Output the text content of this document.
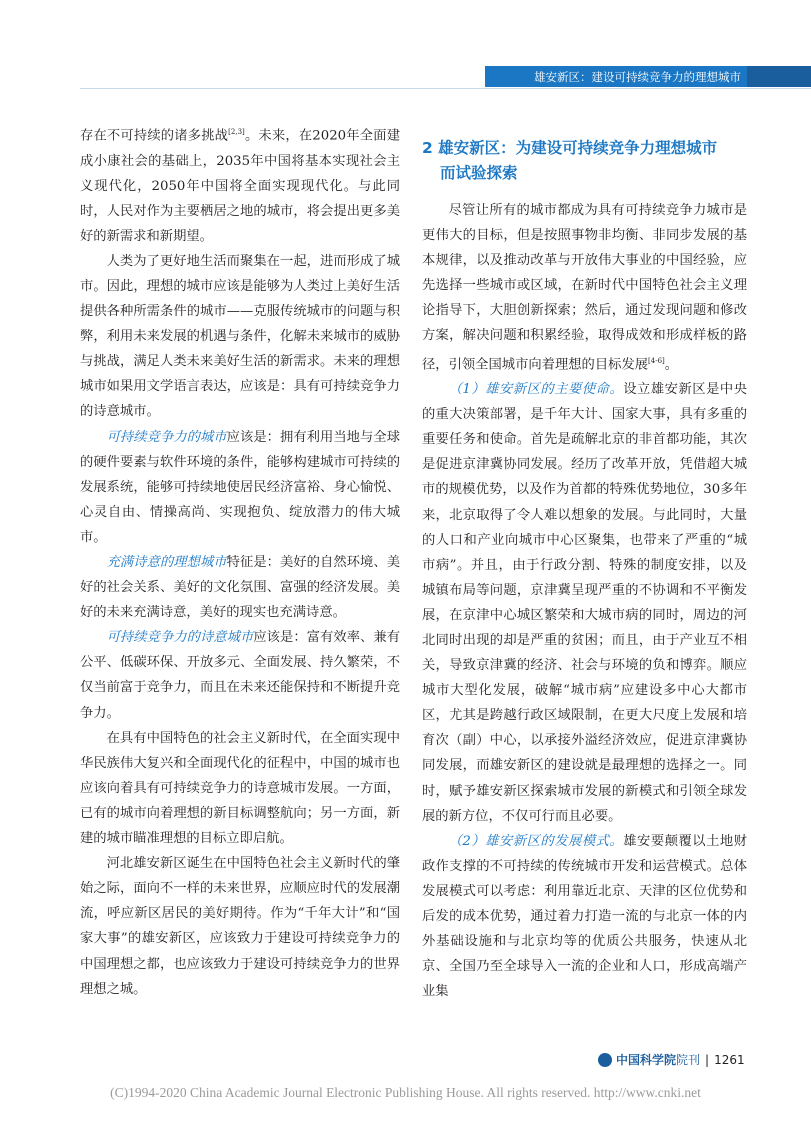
雄安新区：建设可持续竞争力的理想城市

存在不可持续的诸多挑战[2,3]。未来，在2020年全面建成小康社会的基础上，2035年中国将基本实现社会主义现代化，2050年中国将全面实现现代化。与此同时，人民对作为主要栖居之地的城市，将会提出更多美好的新需求和新期望。

人类为了更好地生活而聚集在一起，进而形成了城市。因此，理想的城市应该是能够为人类过上美好生活提供各种所需条件的城市——克服传统城市的问题与积弊，利用未来发展的机遇与条件，化解未来城市的威胁与挑战，满足人类未来美好生活的新需求。未来的理想城市如果用文学语言表达，应该是：具有可持续竞争力的诗意城市。

可持续竞争力的城市应该是：拥有利用当地与全球的硬件要素与软件环境的条件，能够构建城市可持续的发展系统，能够可持续地使居民经济富裕、身心愉悦、心灵自由、情操高尚、实现抱负、绽放潜力的伟大城市。

充满诗意的理想城市特征是：美好的自然环境、美好的社会关系、美好的文化氛围、富强的经济发展。美好的未来充满诗意，美好的现实也充满诗意。

可持续竞争力的诗意城市应该是：富有效率、兼有公平、低碳环保、开放多元、全面发展、持久繁荣，不仅当前富于竞争力，而且在未来还能保持和不断提升竞争力。

在具有中国特色的社会主义新时代，在全面实现中华民族伟大复兴和全面现代化的征程中，中国的城市也应该向着具有可持续竞争力的诗意城市发展。一方面，已有的城市向着理想的新目标调整航向；另一方面，新建的城市瞄准理想的目标立即启航。

河北雄安新区诞生在中国特色社会主义新时代的肇始之际，面向不一样的未来世界，应顺应时代的发展潮流，呼应新区居民的美好期待。作为“千年大计”和“国家大事”的雄安新区，应该致力于建设可持续竞争力的中国理想之都，也应该致力于建设可持续竞争力的世界理想之城。

2 雄安新区：为建设可持续竞争力理想城市
而试验探索

尽管让所有的城市都成为具有可持续竞争力城市是更伟大的目标，但是按照事物非均衡、非同步发展的基本规律，以及推动改革与开放伟大事业的中国经验，应先选择一些城市或区域，在新时代中国特色社会主义理论指导下，大胆创新探索；然后，通过发现问题和修改方案，解决问题和积累经验，取得成效和形成样板的路径，引领全国城市向着理想的目标发展[4-6]。

（1）雄安新区的主要使命。设立雄安新区是中央的重大决策部署，是千年大计、国家大事，具有多重的重要任务和使命。首先是疏解北京的非首都功能，其次是促进京津冀协同发展。经历了改革开放，凭借超大城市的规模优势，以及作为首都的特殊优势地位，30多年来，北京取得了令人难以想象的发展。与此同时，大量的人口和产业向城市中心区聚集，也带来了严重的“城市病”。并且，由于行政分割、特殊的制度安排，以及城镇布局等问题，京津冀呈现严重的不协调和不平衡发展，在京津中心城区繁荣和大城市病的同时，周边的河北同时出现的却是严重的贫困；而且，由于产业互不相关，导致京津冀的经济、社会与环境的负和博弈。顺应城市大型化发展，破解“城市病”应建设多中心大都市区，尤其是跨越行政区域限制，在更大尺度上发展和培育次（副）中心，以承接外溢经济效应，促进京津冀协同发展，而雄安新区的建设就是最理想的选择之一。同时，赋予雄安新区探索城市发展的新模式和引领全球发展的新方位，不仅可行而且必要。

（2）雄安新区的发展模式。雄安要颠覆以土地财政作支撑的不可持续的传统城市开发和运营模式。总体发展模式可以考虑：利用靠近北京、天津的区位优势和后发的成本优势，通过着力打造一流的与北京一体的内外基础设施和与北京均等的优质公共服务，快速从北京、全国乃至全球导入一流的企业和人口，形成高端产业集

中国科学院 院刊 | 1261
(C)1994-2020 China Academic Journal Electronic Publishing House. All rights reserved. http://www.cnki.net
